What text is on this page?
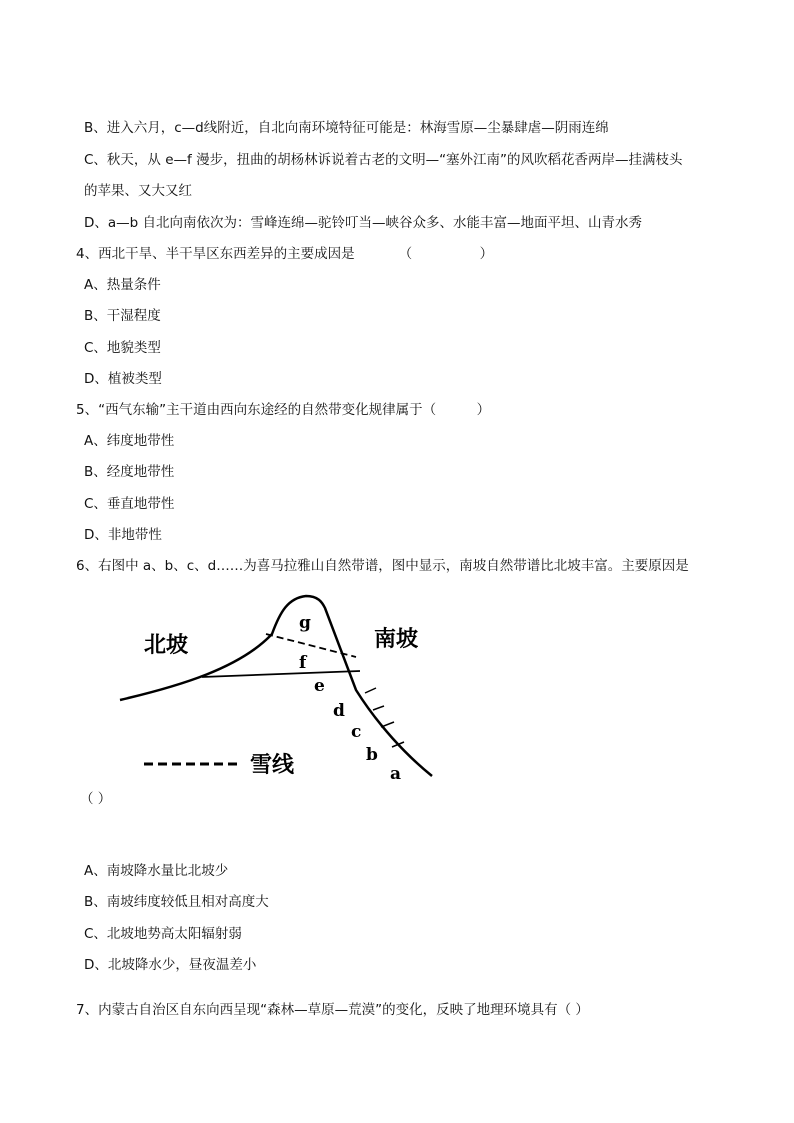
B、进入六月，c—d线附近，自北向南环境特征可能是：林海雪原—尘暴肆虐—阴雨连绵
C、秋天，从 e—f 漫步，扭曲的胡杨林诉说着古老的文明—“塞外江南”的风吹稻花香两岸—挂满枝头
的苹果、又大又红
D、a—b 自北向南依次为：雪峰连绵—驼铃叮当—峡谷众多、水能丰富—地面平坦、山青水秀
4、西北干旱、半干旱区东西差异的主要成因是	（　　　　　）
A、热量条件
B、干湿程度
C、地貌类型
D、植被类型
5、“西气东输”主干道由西向东途经的自然带变化规律属于（　　　）
A、纬度地带性
B、经度地带性
C、垂直地带性
D、非地带性
6、右图中 a、b、c、d……为喜马拉雅山自然带谱，图中显示，南坡自然带谱比北坡丰富。主要原因是
北坡	南坡
雪线
g
f
e
d
c
b
a
（ ）
A、南坡降水量比北坡少
B、南坡纬度较低且相对高度大
C、北坡地势高太阳辐射弱
D、北坡降水少，昼夜温差小
7、内蒙古自治区自东向西呈现“森林—草原—荒漠”的变化，反映了地理环境具有（ ）
